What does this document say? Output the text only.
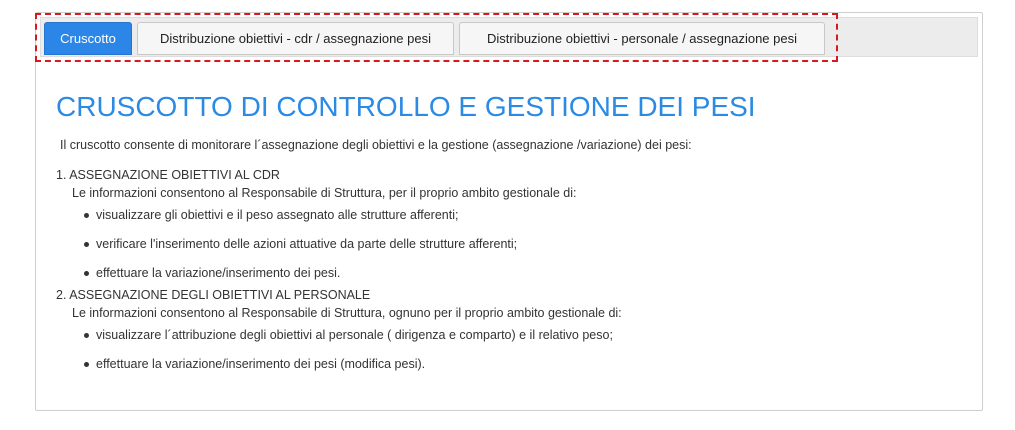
Cruscotto	Distribuzione obiettivi - cdr / assegnazione pesi	Distribuzione obiettivi - personale / assegnazione pesi
CRUSCOTTO DI CONTROLLO E GESTIONE DEI PESI
Il cruscotto consente di monitorare l´assegnazione degli obiettivi e la gestione (assegnazione /variazione) dei pesi:
1. ASSEGNAZIONE OBIETTIVI AL CDR
Le informazioni consentono al Responsabile di Struttura, per il proprio ambito gestionale di:
visualizzare gli obiettivi e il peso assegnato alle strutture afferenti;
verificare l'inserimento delle azioni attuative da parte delle strutture afferenti;
effettuare la variazione/inserimento dei pesi.
2. ASSEGNAZIONE DEGLI OBIETTIVI AL PERSONALE
Le informazioni consentono al Responsabile di Struttura, ognuno per il proprio ambito gestionale di:
visualizzare l´attribuzione degli obiettivi al personale ( dirigenza e comparto) e il relativo peso;
effettuare la variazione/inserimento dei pesi (modifica pesi).
